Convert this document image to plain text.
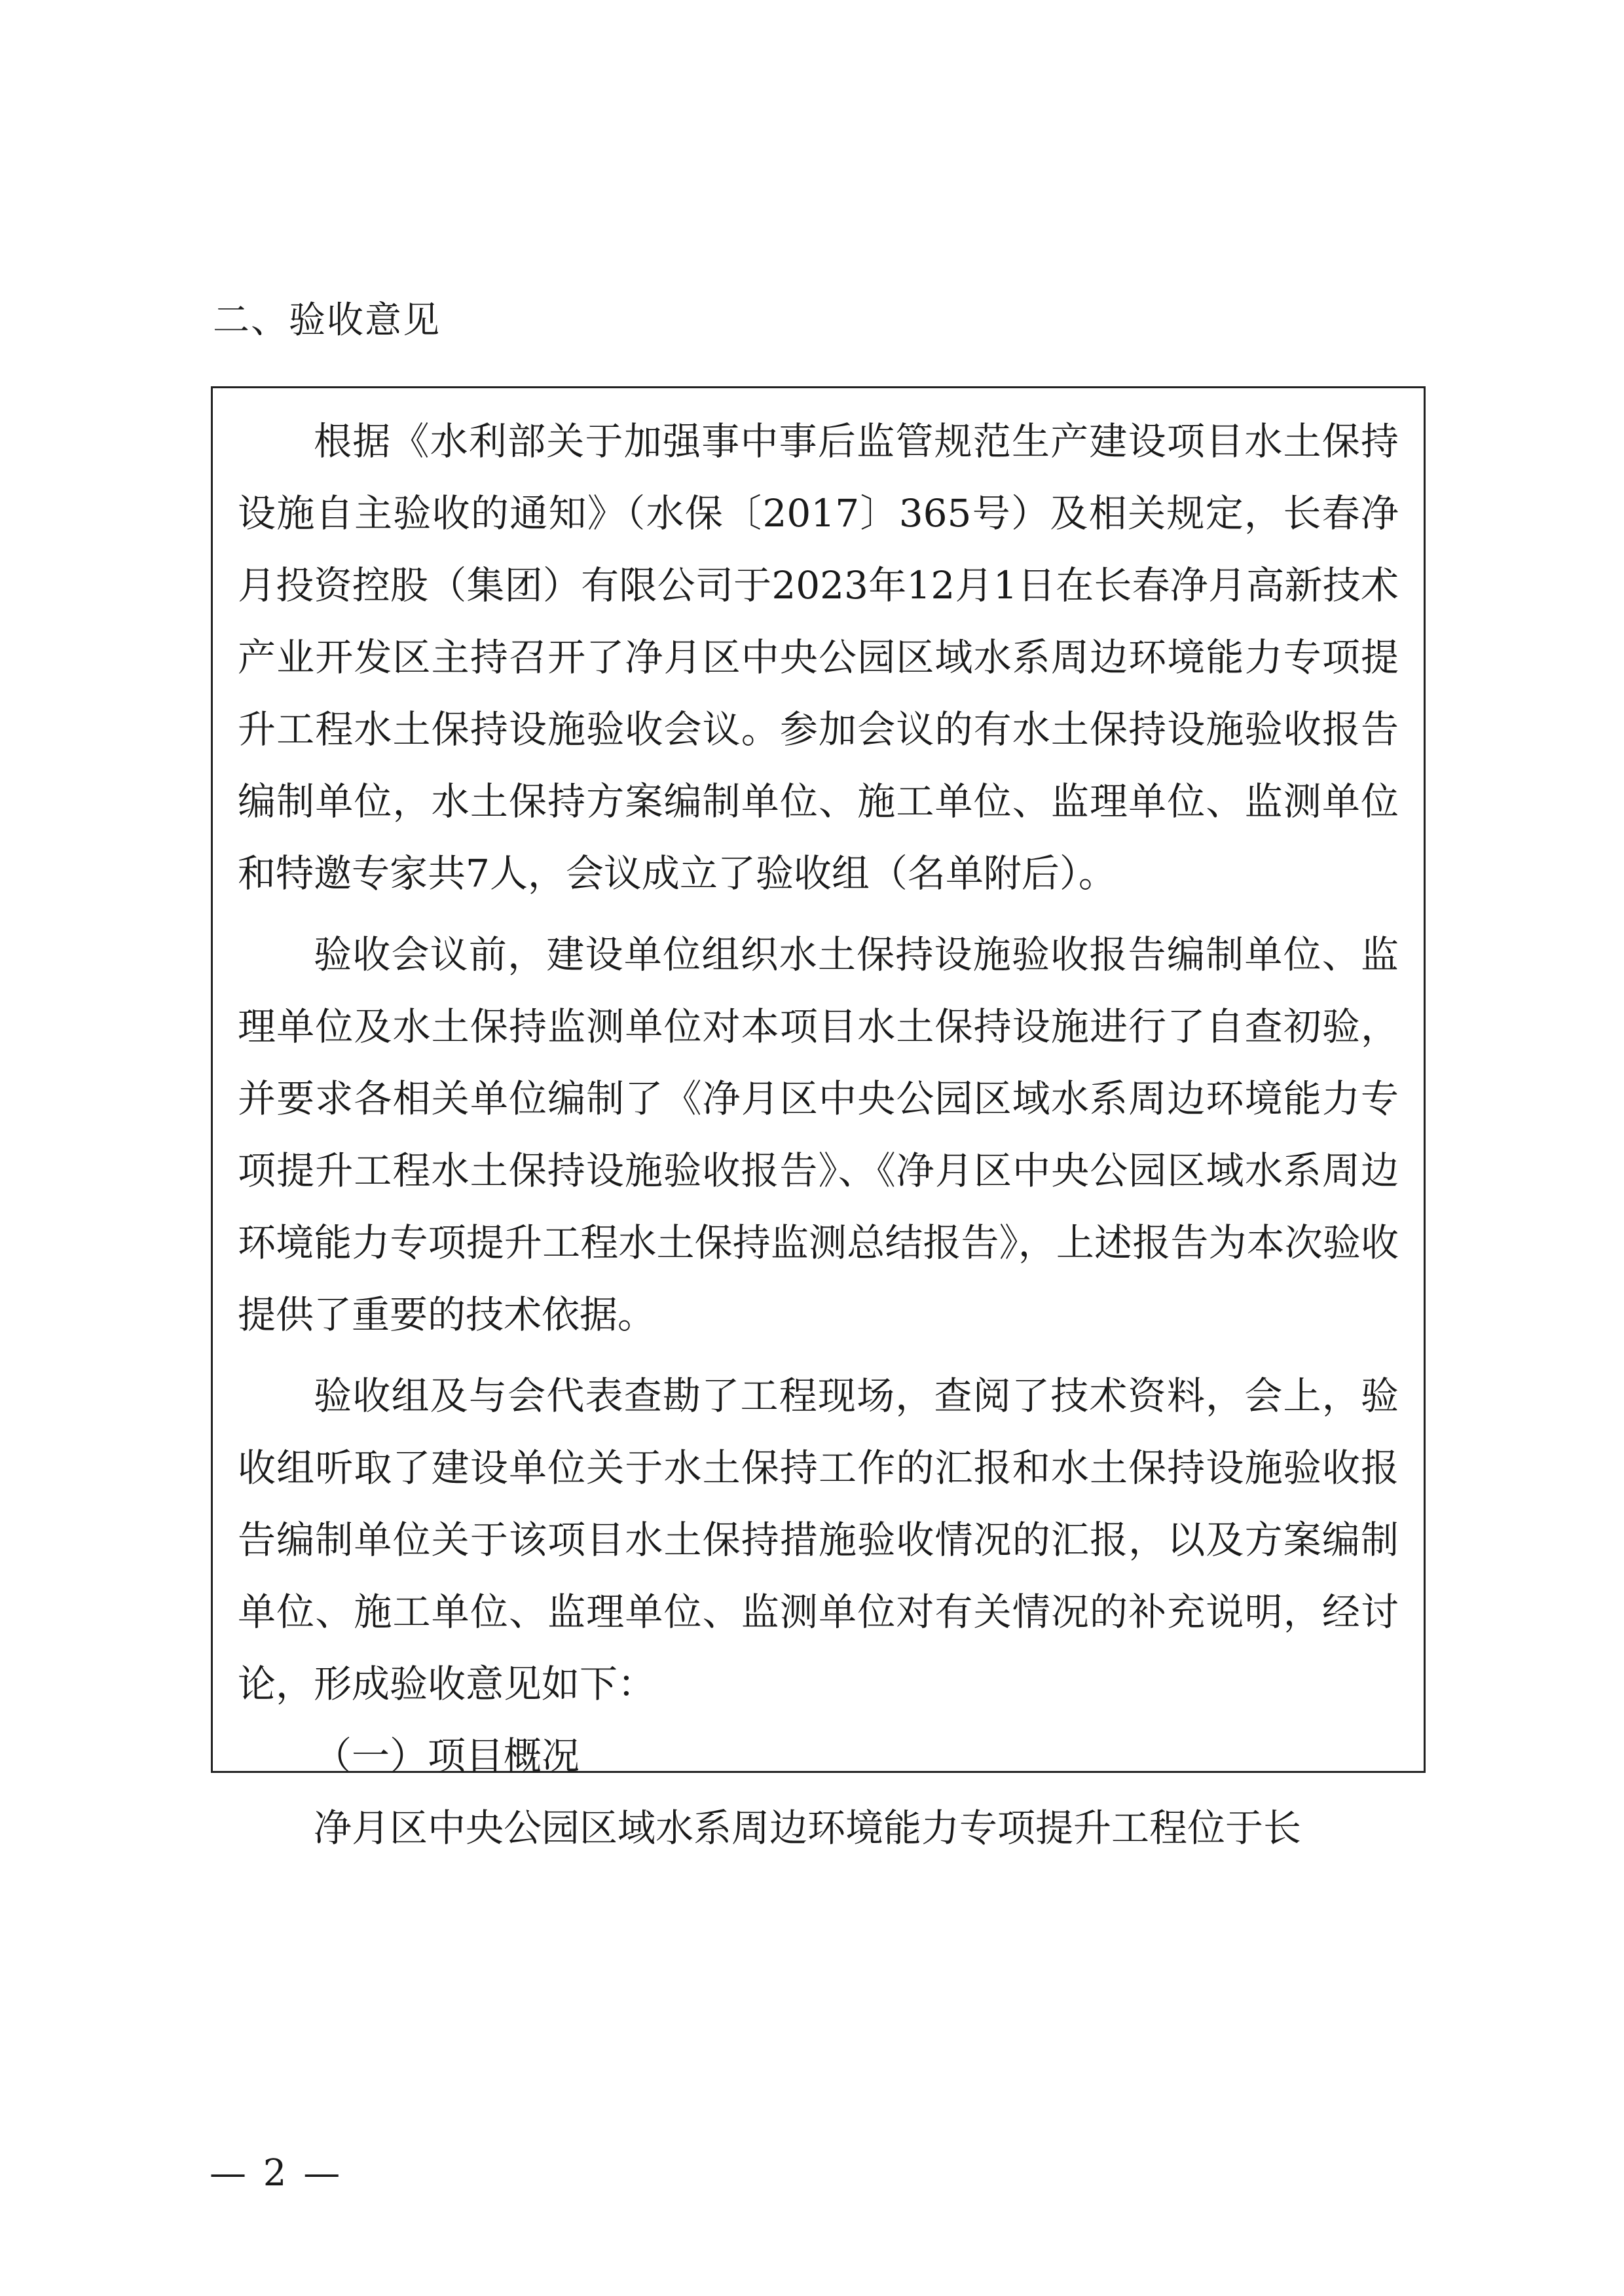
二、验收意见

根据《水利部关于加强事中事后监管规范生产建设项目水土保持设施自主验收的通知》（水保〔2017〕365号）及相关规定，长春净月投资控股（集团）有限公司于2023年12月1日在长春净月高新技术产业开发区主持召开了净月区中央公园区域水系周边环境能力专项提升工程水土保持设施验收会议。参加会议的有水土保持设施验收报告编制单位，水土保持方案编制单位、施工单位、监理单位、监测单位和特邀专家共7人，会议成立了验收组（名单附后）。

验收会议前，建设单位组织水土保持设施验收报告编制单位、监理单位及水土保持监测单位对本项目水土保持设施进行了自查初验，并要求各相关单位编制了《净月区中央公园区域水系周边环境能力专项提升工程水土保持设施验收报告》、《净月区中央公园区域水系周边环境能力专项提升工程水土保持监测总结报告》，上述报告为本次验收提供了重要的技术依据。

验收组及与会代表查勘了工程现场，查阅了技术资料，会上，验收组听取了建设单位关于水土保持工作的汇报和水土保持设施验收报告编制单位关于该项目水土保持措施验收情况的汇报，以及方案编制单位、施工单位、监理单位、监测单位对有关情况的补充说明，经讨论，形成验收意见如下：

（一）项目概况

净月区中央公园区域水系周边环境能力专项提升工程位于长

— 2 —
